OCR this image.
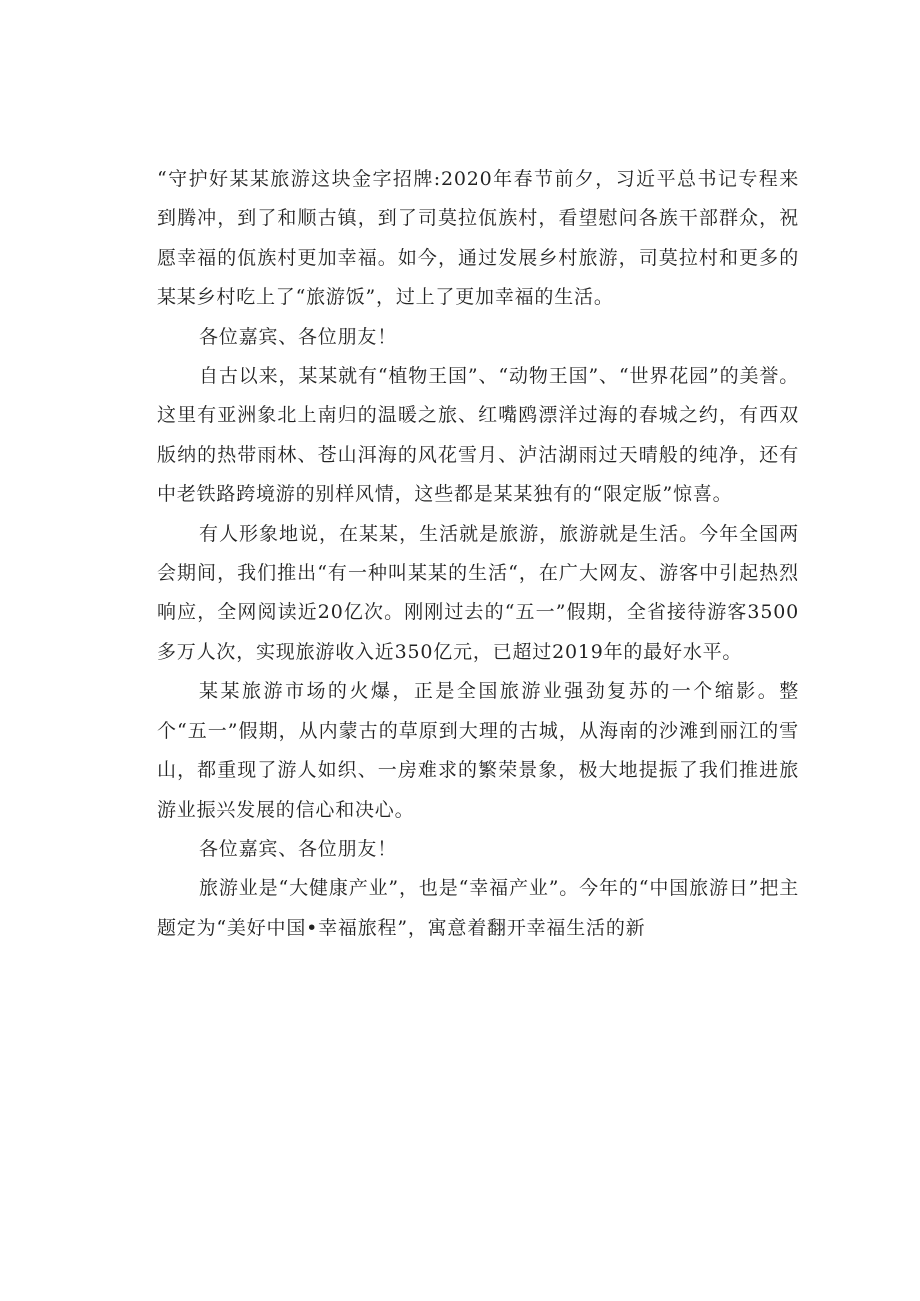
“守护好某某旅游这块金字招牌:2020年春节前夕，习近平总书记专程来到腾冲，到了和顺古镇，到了司莫拉佤族村，看望慰问各族干部群众，祝愿幸福的佤族村更加幸福。如今，通过发展乡村旅游，司莫拉村和更多的某某乡村吃上了“旅游饭”，过上了更加幸福的生活。

各位嘉宾、各位朋友！

自古以来，某某就有“植物王国”、“动物王国”、“世界花园”的美誉。这里有亚洲象北上南归的温暖之旅、红嘴鸥漂洋过海的春城之约，有西双版纳的热带雨林、苍山洱海的风花雪月、泸沽湖雨过天晴般的纯净，还有中老铁路跨境游的别样风情，这些都是某某独有的“限定版”惊喜。

有人形象地说，在某某，生活就是旅游，旅游就是生活。今年全国两会期间，我们推出“有一种叫某某的生活“，在广大网友、游客中引起热烈响应，全网阅读近20亿次。刚刚过去的“五一”假期，全省接待游客3500多万人次，实现旅游收入近350亿元，已超过2019年的最好水平。

某某旅游市场的火爆，正是全国旅游业强劲复苏的一个缩影。整个“五一”假期，从内蒙古的草原到大理的古城，从海南的沙滩到丽江的雪山，都重现了游人如织、一房难求的繁荣景象，极大地提振了我们推进旅游业振兴发展的信心和决心。

各位嘉宾、各位朋友！

旅游业是“大健康产业”，也是“幸福产业”。今年的“中国旅游日”把主题定为“美好中国•幸福旅程”，寓意着翻开幸福生活的新
